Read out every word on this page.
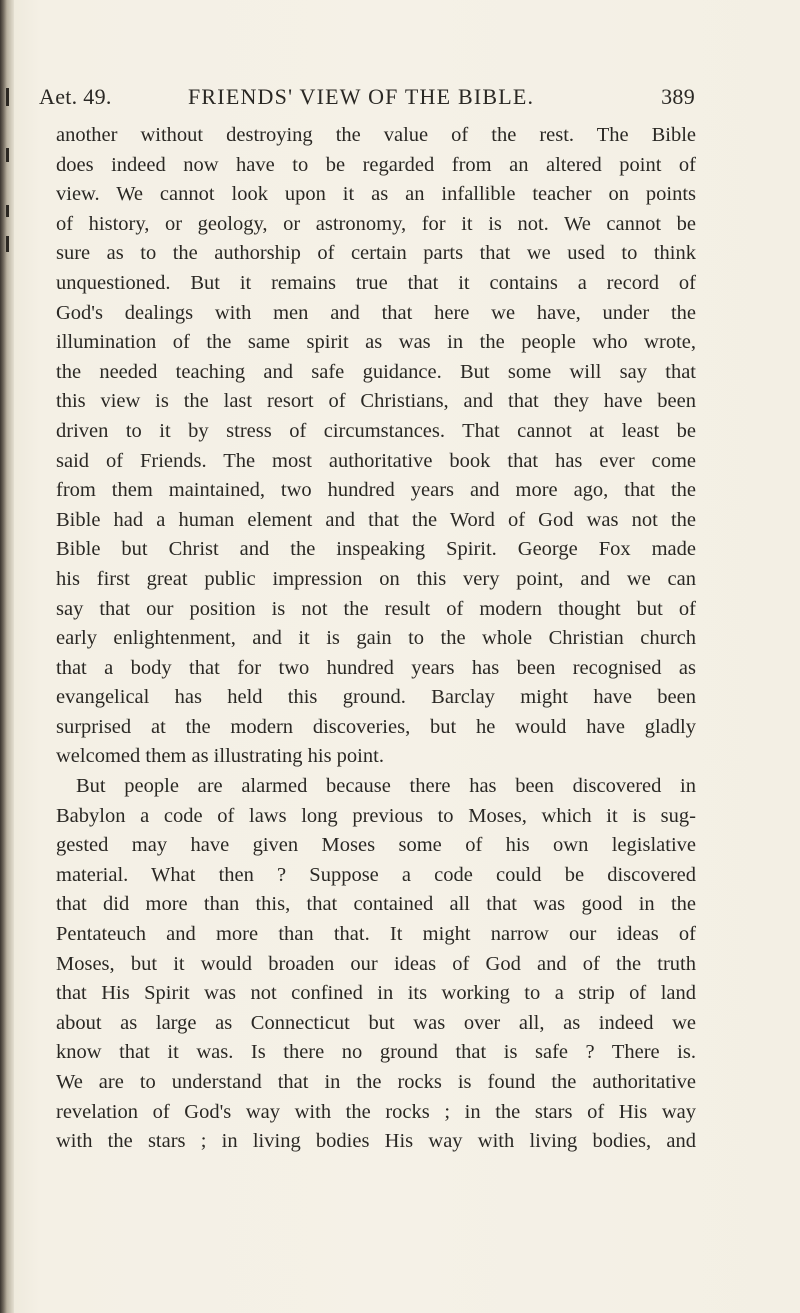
Aet. 49.	FRIENDS' VIEW OF THE BIBLE.	389
another without destroying the value of the rest. The Bible
does indeed now have to be regarded from an altered point of
view. We cannot look upon it as an infallible teacher on points
of history, or geology, or astronomy, for it is not. We cannot be
sure as to the authorship of certain parts that we used to think
unquestioned. But it remains true that it contains a record of
God's dealings with men and that here we have, under the
illumination of the same spirit as was in the people who wrote,
the needed teaching and safe guidance. But some will say that
this view is the last resort of Christians, and that they have been
driven to it by stress of circumstances. That cannot at least be
said of Friends. The most authoritative book that has ever come
from them maintained, two hundred years and more ago, that the
Bible had a human element and that the Word of God was not the
Bible but Christ and the inspeaking Spirit. George Fox made
his first great public impression on this very point, and we can
say that our position is not the result of modern thought but of
early enlightenment, and it is gain to the whole Christian church
that a body that for two hundred years has been recognised as
evangelical has held this ground. Barclay might have been
surprised at the modern discoveries, but he would have gladly
welcomed them as illustrating his point.
But people are alarmed because there has been discovered in
Babylon a code of laws long previous to Moses, which it is sug-
gested may have given Moses some of his own legislative
material. What then ? Suppose a code could be discovered
that did more than this, that contained all that was good in the
Pentateuch and more than that. It might narrow our ideas of
Moses, but it would broaden our ideas of God and of the truth
that His Spirit was not confined in its working to a strip of land
about as large as Connecticut but was over all, as indeed we
know that it was. Is there no ground that is safe ? There is.
We are to understand that in the rocks is found the authoritative
revelation of God's way with the rocks ; in the stars of His way
with the stars ; in living bodies His way with living bodies, and
